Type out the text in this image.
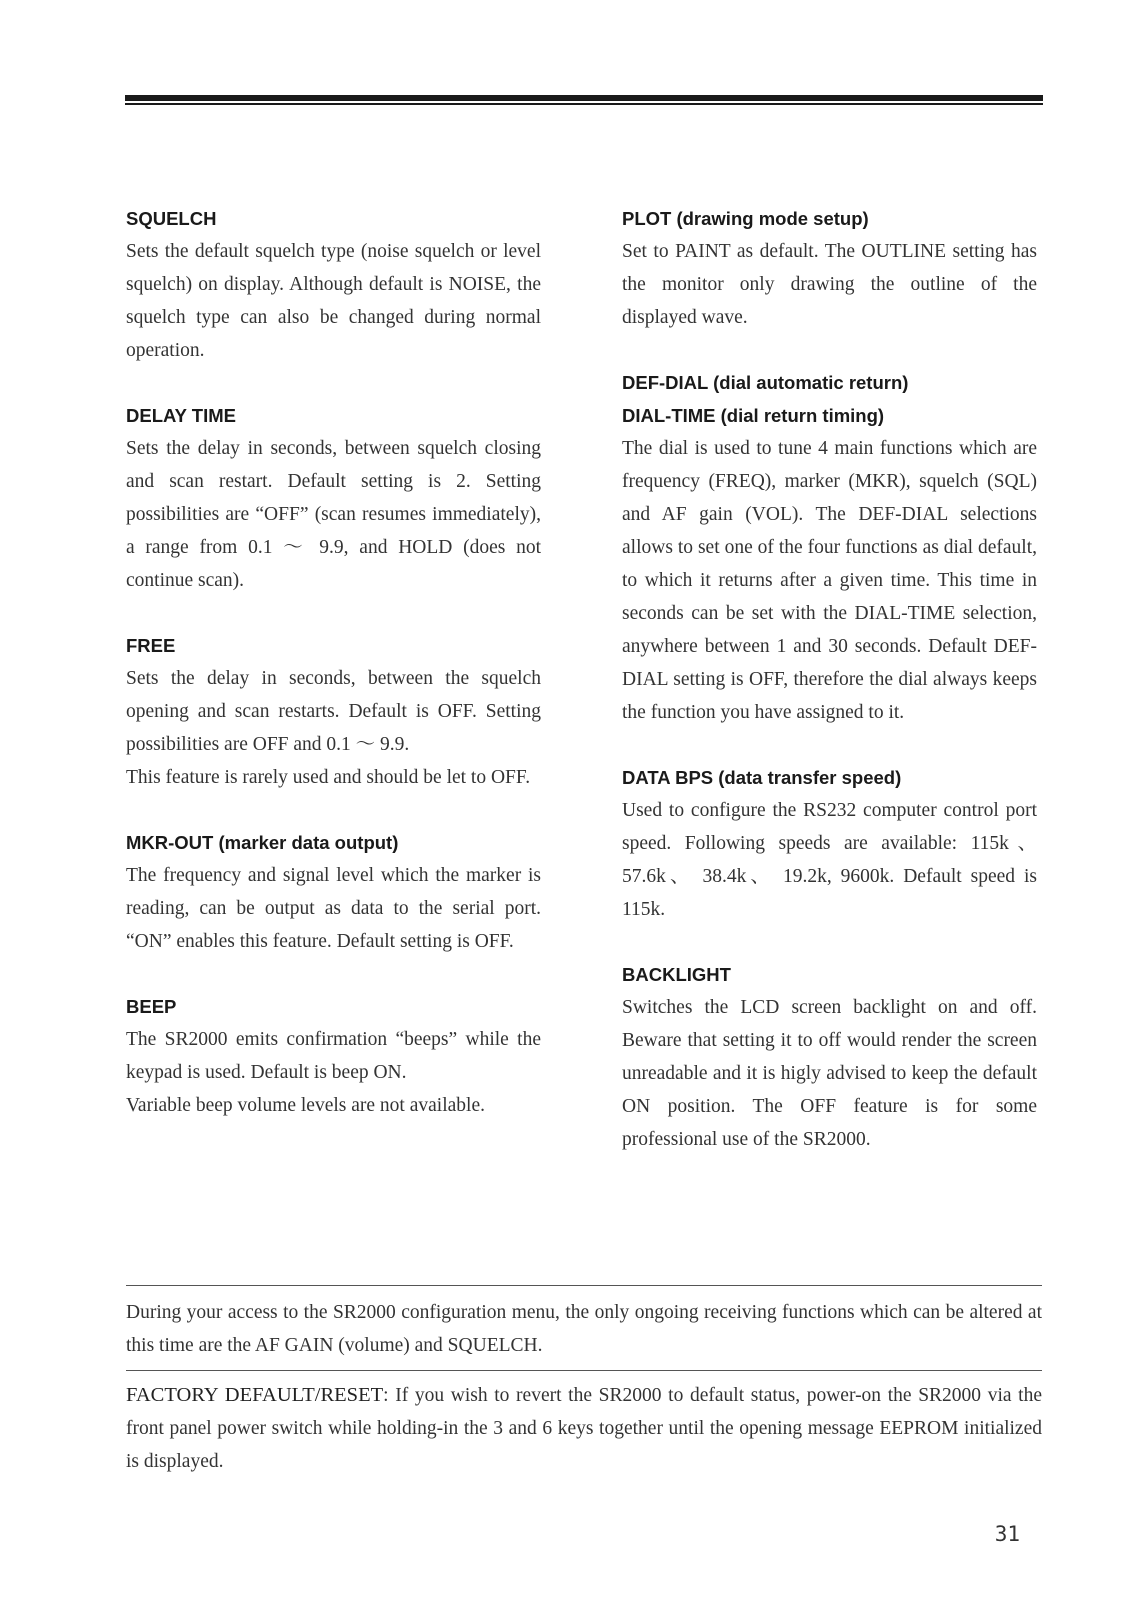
SQUELCH

Sets the default squelch type (noise squelch or level squelch) on display. Although default is NOISE, the squelch type can also be changed during normal operation.

DELAY TIME

Sets the delay in seconds, between squelch closing and scan restart. Default setting is 2. Setting possibilities are “OFF” (scan resumes immediately), a range from 0.1 ～ 9.9, and HOLD (does not continue scan).

FREE

Sets the delay in seconds, between the squelch opening and scan restarts. Default is OFF. Setting possibilities are OFF and 0.1 ～ 9.9.

This feature is rarely used and should be let to OFF.

MKR-OUT (marker data output)

The frequency and signal level which the marker is reading, can be output as data to the serial port. “ON” enables this feature. Default setting is OFF.

BEEP

The SR2000 emits confirmation “beeps” while the keypad is used. Default is beep ON.

Variable beep volume levels are not available.

PLOT (drawing mode setup)

Set to PAINT as default. The OUTLINE setting has the monitor only drawing the outline of the displayed wave.

DEF-DIAL (dial automatic return)

DIAL-TIME (dial return timing)

The dial is used to tune 4 main functions which are frequency (FREQ), marker (MKR), squelch (SQL) and AF gain (VOL). The DEF-DIAL selections allows to set one of the four functions as dial default, to which it returns after a given time. This time in seconds can be set with the DIAL-TIME selection, anywhere between 1 and 30 seconds. Default DEF-DIAL setting is OFF, therefore the dial always keeps the function you have assigned to it.

DATA BPS (data transfer speed)

Used to configure the RS232 computer control port speed. Following speeds are available: 115k、 57.6k、 38.4k、 19.2k, 9600k. Default speed is 115k.

BACKLIGHT

Switches the LCD screen backlight on and off. Beware that setting it to off would render the screen unreadable and it is higly advised to keep the default ON position. The OFF feature is for some professional use of the SR2000.

During your access to the SR2000 configuration menu, the only ongoing receiving functions which can be altered at this time are the AF GAIN (volume) and SQUELCH.

FACTORY DEFAULT/RESET: If you wish to revert the SR2000 to default status, power-on the SR2000 via the front panel power switch while holding-in the 3 and 6 keys together until the opening message EEPROM initialized is displayed.

31
